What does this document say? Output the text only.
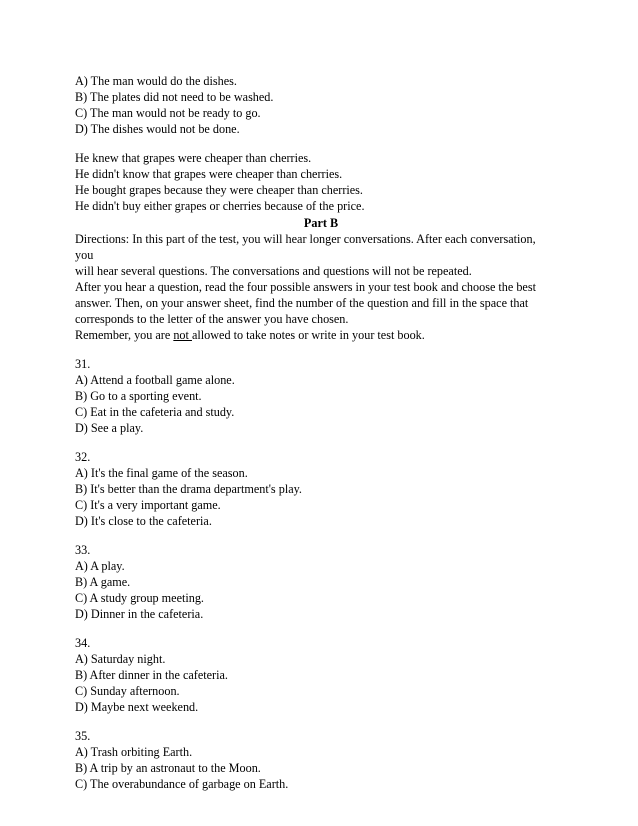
A) The man would do the dishes.

B) The plates did not need to be washed.

C) The man would not be ready to go.

D) The dishes would not be done.

He knew that grapes were cheaper than cherries.

He didn't know that grapes were cheaper than cherries.

He bought grapes because they were cheaper than cherries.

He didn't buy either grapes or cherries because of the price.

Part B

Directions: In this part of the test, you will hear longer conversations. After each conversation,

you

will hear several questions. The conversations and questions will not be repeated.

After you hear a question, read the four possible answers in your test book and choose the best

answer. Then, on your answer sheet, find the number of the question and fill in the space that

corresponds to the letter of the answer you have chosen.

Remember, you are not allowed to take notes or write in your test book.

31.

A) Attend a football game alone.

B) Go to a sporting event.

C) Eat in the cafeteria and study.

D) See a play.

32.

A) It's the final game of the season.

B) It's better than the drama department's play.

C) It's a very important game.

D) It's close to the cafeteria.

33.

A) A play.

B) A game.

C) A study group meeting.

D) Dinner in the cafeteria.

34.

A) Saturday night.

B) After dinner in the cafeteria.

C) Sunday afternoon.

D) Maybe next weekend.

35.

A) Trash orbiting Earth.

B) A trip by an astronaut to the Moon.

C) The overabundance of garbage on Earth.
